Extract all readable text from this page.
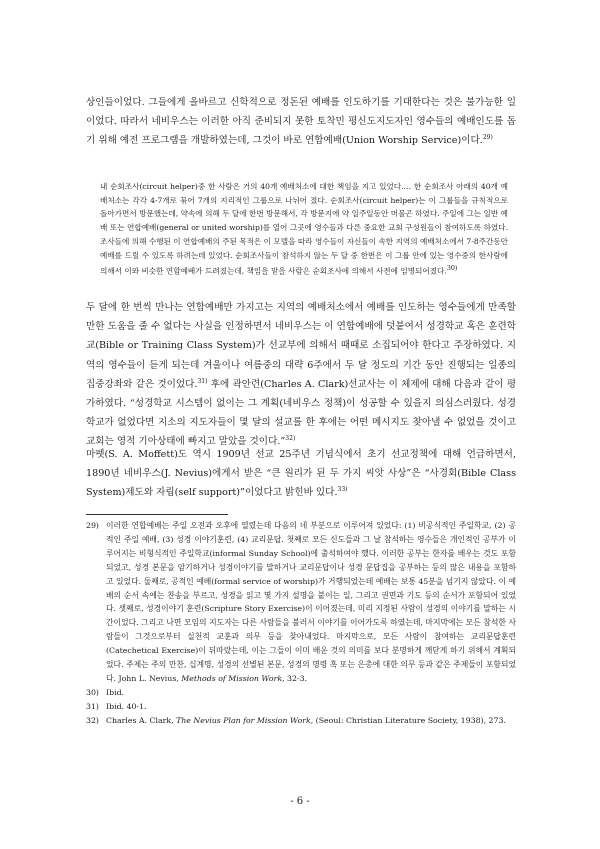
상인들이었다. 그들에게 올바르고 신학적으로 정돈된 예배를 인도하기를 기대한다는 것은 불가능한 일이었다. 따라서 네비우스는 이러한 아직 준비되지 못한 토착민 평신도지도자인 영수들의 예배인도를 돕기 위해 예전 프로그램을 개발하였는데, 그것이 바로 연합예배(Union Worship Service)이다.$^{29)}$
내 순회조사(circuit helper)중 한 사람은 거의 40개 예배처소에 대한 책임을 지고 있었다.… 한 순회조사 아래의 40개 예배처소는 각각 4-7개로 묶어 7개의 지리적인 그룹으로 나뉘어 졌다. 순회조사(circuit helper)는 이 그룹들을 규칙적으로 돌아가면서 방문했는데, 약속에 의해 두 달에 한번 방문해서, 각 방문지에 약 일주일동안 머물곤 하였다. 주일에 그는 일반 예배 또는 연합예배(general or united worship)를 열어 그곳에 영수들과 다른 중요한 교회 구성원들이 참여하도록 하였다. 조사들에 의해 수행된 이 연합예배의 주된 목적은 이 모델을 따라 영수들이 자신들이 속한 지역의 예배처소에서 7-8주간동안 예배를 드릴 수 있도록 하려는데 있었다. 순회조사들이 참석하지 않는 두 달 중 한번은 이 그룹 안에 있는 영수중의 한사람에 의해서 이와 비슷한 연합예배가 드려졌는데, 책임을 맡을 사람은 순회조사에 의해서 사전에 임명되어졌다.$^{30)}$
두 달에 한 번씩 만나는 연합예배만 가지고는 지역의 예배처소에서 예배를 인도하는 영수들에게 만족할 만한 도움을 줄 수 없다는 사실을 인정하면서 네비우스는 이 연합예배에 덧붙여서 성경학교 혹은 훈련학교(Bible or Training Class System)가 선교부에 의해서 때때로 소집되어야 한다고 주장하였다. 지역의 영수들이 듣게 되는데 겨울이나 여름중의 대략 6주에서 두 달 정도의 기간 동안 진행되는 일종의 집중강좌와 같은 것이었다.$^{31)}$ 후에 곽안련(Charles A. Clark)선교사는 이 체제에 대해 다음과 같이 평가하였다. “성경학교 시스템이 없이는 그 계획(네비우스 정책)이 성공할 수 있을지 의심스러웠다. 성경학교가 없었다면 지소의 지도자들이 몇 달의 설교를 한 후에는 어떤 메시지도 찾아낼 수 없었을 것이고 교회는 영적 기아상태에 빠지고 말았을 것이다.”$^{32)}$
마펫(S. A. Moffett)도 역시 1909년 선교 25주년 기념식에서 초기 선교정책에 대해 언급하면서, 1890년 네비우스(J. Nevius)에게서 받은 “큰 원리가 된 두 가지 씨앗 사상”은 “사경회(Bible Class System)제도와 자립(self support)”이었다고 밝힌바 있다.$^{33)}$
29) 이러한 연합예배는 주일 오전과 오후에 열렸는데 다음의 네 부분으로 이루어져 있었다: (1) 비공식적인 주일학교, (2) 공적인 주일 예배, (3) 성경 이야기훈련, (4) 교리문답. 첫째로 모든 신도들과 그 날 참석하는 영수들은 개인적인 공부가 이루어지는 비형식적인 주일학교(informal Sunday School)에 출석하여야 했다. 이러한 공부는 한자를 배우는 것도 포함되었고, 성경 본문을 암기하거나 성경이야기를 말하거나 교리문답이나 성경 문답집을 공부하는 등의 많은 내용을 포함하고 있었다. 둘째로, 공적인 예배(formal service of worship)가 거행되었는데 예배는 보통 45분을 넘기지 않았다. 이 예배의 순서 속에는 찬송을 부르고, 성경을 읽고 몇 가지 설명을 붙이는 일, 그리고 권면과 기도 등의 순서가 포함되어 있었다. 셋째로, 성경이야기 훈련(Scripture Story Exercise)이 이어졌는데, 미리 지정된 사람이 성경의 이야기를 말하는 시간이었다. 그리고 나면 모임의 지도자는 다른 사람들을 불러서 이야기를 이어가도록 하였는데, 마지막에는 모든 참석한 사람들이 그것으로부터 실천적 교훈과 의무 등을 찾아내었다. 마지막으로, 모든 사람이 참여하는 교리문답훈련(Catechetical Exercise)이 뒤따랐는데, 이는 그들이 이미 배운 것의 의미를 보다 분명하게 깨닫게 하기 위해서 계획되었다. 주제는 주의 만찬, 십계명, 성경의 선별된 본문, 성경의 명령 혹 또는 은총에 대한 의무 등과 같은 주제들이 포함되었다. John L. Nevius, Methods of Mission Work, 32-3.
30) Ibid.
31) Ibid. 40-1.
32) Charles A. Clark, The Nevius Plan for Mission Work, (Seoul: Christian Literature Society, 1938), 273.
- 6 -
